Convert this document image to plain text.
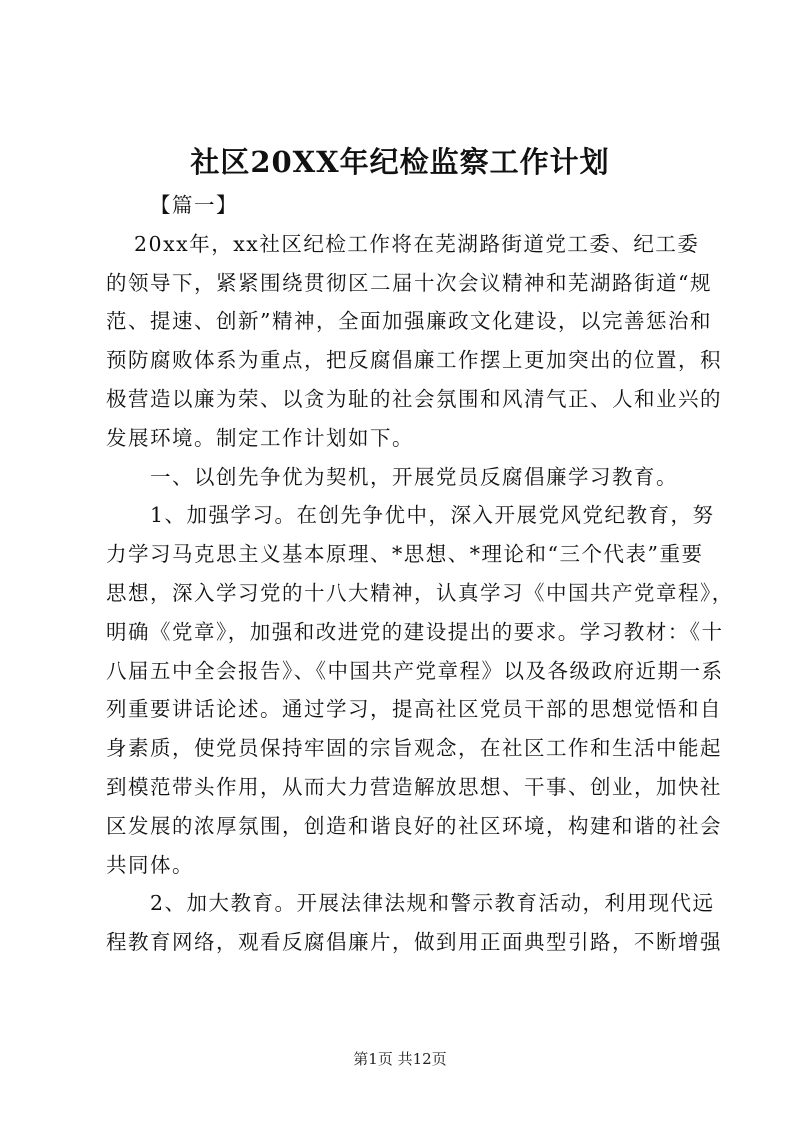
社区20XX年纪检监察工作计划
【篇一】
20xx年，xx社区纪检工作将在芜湖路街道党工委、纪工委
的领导下，紧紧围绕贯彻区二届十次会议精神和芜湖路街道“规
范、提速、创新”精神，全面加强廉政文化建设，以完善惩治和
预防腐败体系为重点，把反腐倡廉工作摆上更加突出的位置，积
极营造以廉为荣、以贪为耻的社会氛围和风清气正、人和业兴的
发展环境。制定工作计划如下。
一、以创先争优为契机，开展党员反腐倡廉学习教育。
1、加强学习。在创先争优中，深入开展党风党纪教育，努
力学习马克思主义基本原理、*思想、*理论和“三个代表”重要
思想，深入学习党的十八大精神，认真学习《中国共产党章程》，
明确《党章》，加强和改进党的建设提出的要求。学习教材：《十
八届五中全会报告》、《中国共产党章程》以及各级政府近期一系
列重要讲话论述。通过学习，提高社区党员干部的思想觉悟和自
身素质，使党员保持牢固的宗旨观念，在社区工作和生活中能起
到模范带头作用，从而大力营造解放思想、干事、创业，加快社
区发展的浓厚氛围，创造和谐良好的社区环境，构建和谐的社会
共同体。
2、加大教育。开展法律法规和警示教育活动，利用现代远
程教育网络，观看反腐倡廉片，做到用正面典型引路，不断增强
第1页 共12页
